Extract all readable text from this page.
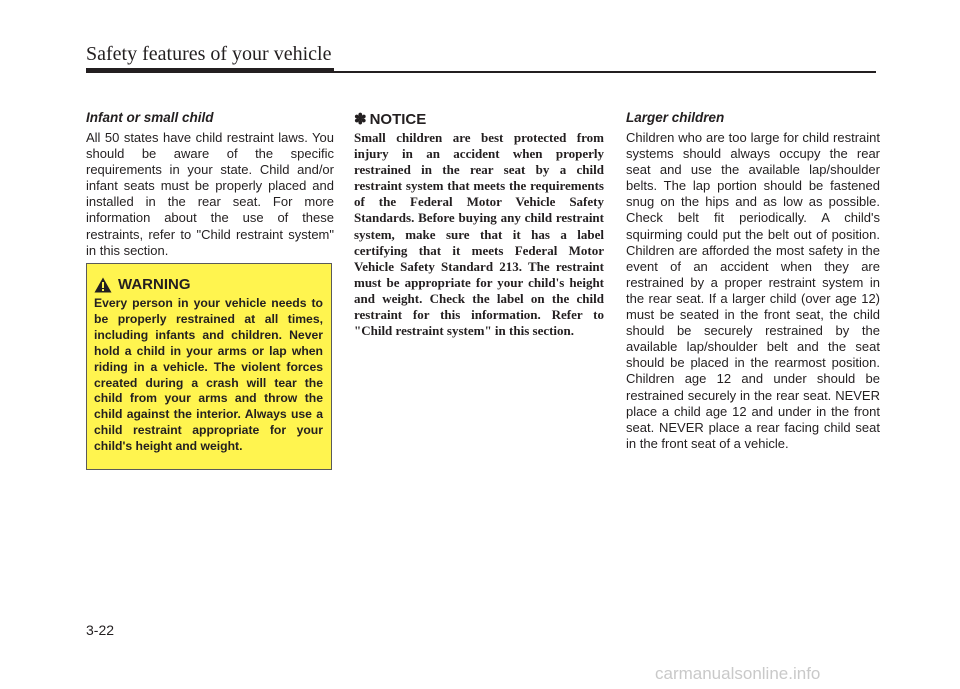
Safety features of your vehicle

Infant or small child

All 50 states have child restraint laws. You should be aware of the specific requirements in your state. Child and/or infant seats must be properly placed and installed in the rear seat. For more information about the use of these restraints, refer to "Child restraint system" in this section.

WARNING

Every person in your vehicle needs to be properly restrained at all times, including infants and children. Never hold a child in your arms or lap when riding in a vehicle. The violent forces created during a crash will tear the child from your arms and throw the child against the interior. Always use a child restraint appropriate for your child's height and weight.

✽ NOTICE

Small children are best protected from injury in an accident when properly restrained in the rear seat by a child restraint system that meets the requirements of the Federal Motor Vehicle Safety Standards. Before buying any child restraint system, make sure that it has a label certifying that it meets Federal Motor Vehicle Safety Standard 213. The restraint must be appropriate for your child's height and weight. Check the label on the child restraint for this information. Refer to "Child restraint system" in this section.

Larger children

Children who are too large for child restraint systems should always occupy the rear seat and use the available lap/shoulder belts. The lap portion should be fastened snug on the hips and as low as possible. Check belt fit periodically. A child's squirming could put the belt out of position. Children are afforded the most safety in the event of an accident when they are restrained by a proper restraint system in the rear seat. If a larger child (over age 12) must be seated in the front seat, the child should be securely restrained by the available lap/shoulder belt and the seat should be placed in the rearmost position. Children age 12 and under should be restrained securely in the rear seat. NEVER place a child age 12 and under in the front seat. NEVER place a rear facing child seat in the front seat of a vehicle.

3-22
carmanualsonline.info
